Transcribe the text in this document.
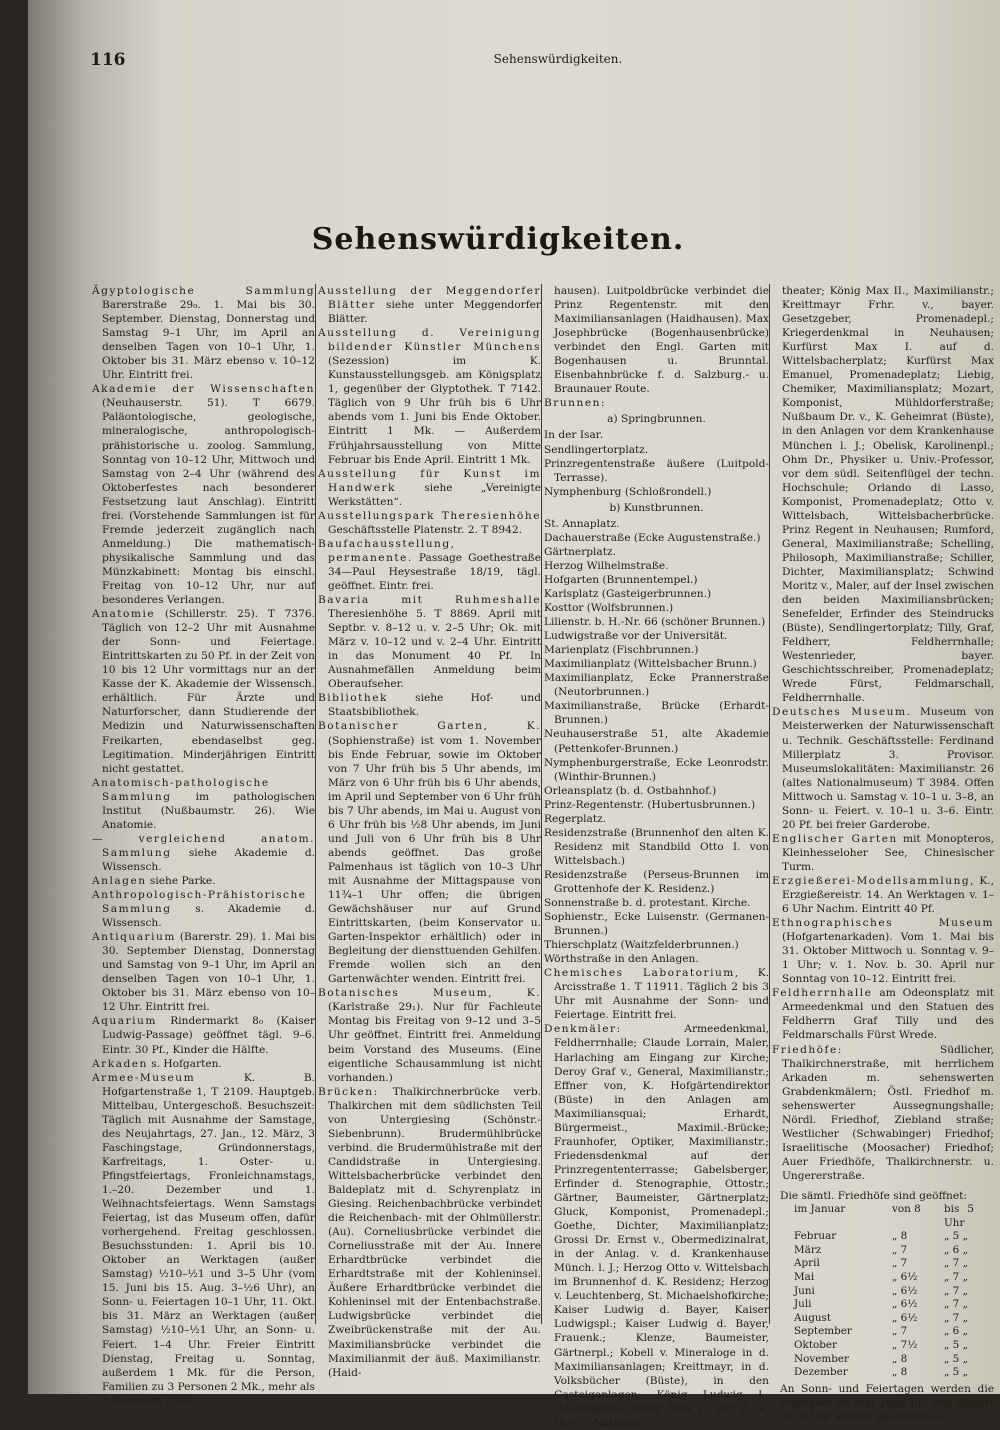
116	Sehenswürdigkeiten.
Sehenswürdigkeiten.
Ägyptologische Sammlung Barerstraße 29₀. 1. Mai bis 30. September. Dienstag, Donnerstag und Samstag 9–1 Uhr, im April an denselben Tagen von 10–1 Uhr, 1. Oktober bis 31. März ebenso v. 10–12 Uhr. Eintritt frei.
Akademie der Wissenschaften (Neuhauserstr. 51). T 6679. Paläontologische, geologische, mineralogische, anthropologisch-prähistorische u. zoolog. Sammlung, Sonntag von 10–12 Uhr, Mittwoch und Samstag von 2–4 Uhr (während des Oktoberfestes nach besonderer Festsetzung laut Anschlag). Eintritt frei. (Vorstehende Sammlungen ist für Fremde jederzeit zugänglich nach Anmeldung.) Die mathematisch-physikalische Sammlung und das Münzkabinett: Montag bis einschl. Freitag von 10–12 Uhr, nur auf besonderes Verlangen.
Anatomie (Schillerstr. 25). T 7376. Täglich von 12–2 Uhr mit Ausnahme der Sonn- und Feiertage. Eintrittskarten zu 50 Pf. in der Zeit von 10 bis 12 Uhr vormittags nur an der Kasse der K. Akademie der Wissensch. erhältlich. Für Ärzte und Naturforscher, dann Studierende der Medizin und Naturwissenschaften Freikarten, ebendaselbst geg. Legitimation. Minderjährigen Eintritt nicht gestattet.
Anatomisch-pathologische Sammlung im pathologischen Institut (Nußbaumstr. 26). Wie Anatomie.
— vergleichend anatom. Sammlung siehe Akademie d. Wissensch.
Anlagen siehe Parke.
Anthropologisch-Prähistorische Sammlung s. Akademie d. Wissensch.
Antiquarium (Barerstr. 29). 1. Mai bis 30. September Dienstag, Donnerstag und Samstag von 9–1 Uhr, im April an denselben Tagen von 10–1 Uhr, 1. Oktober bis 31. März ebenso von 10–12 Uhr. Eintritt frei.
Aquarium Rindermarkt 8₀ (Kaiser Ludwig-Passage) geöffnet tägl. 9–6. Eintr. 30 Pf., Kinder die Hälfte.
Arkaden s. Hofgarten.
Armee-Museum K. B. Hofgartenstraße 1, T 2109. Hauptgeb. Mittelbau, Untergeschoß. Besuchszeit: Täglich mit Ausnahme der Samstage, des Neujahrtags, 27. Jan., 12. März, 3 Faschingstage, Gründonnerstags, Karfreitags, 1. Oster- u. Pfingstfeiertags, Fronleichnamstags, 1.–20. Dezember und 1. Weihnachtsfeiertags. Wenn Samstags Feiertag, ist das Museum offen, dafür vorhergehend. Freitag geschlossen. Besuchsstunden: 1. April bis 10. Oktober an Werktagen (außer Samstag) ½10–½1 und 3–5 Uhr (vom 15. Juni bis 15. Aug. 3–½6 Uhr), an Sonn- u. Feiertagen 10–1 Uhr, 11. Okt. bis 31. März an Werktagen (außer Samstag) ½10–½1 Uhr, an Sonn- u. Feiert. 1–4 Uhr. Freier Eintritt Dienstag, Freitag u. Sonntag, außerdem 1 Mk. für die Person, Familien zu 3 Personen 2 Mk., mehr als 3 Personen 3 Mk.
Ausstellung der Meggendorfer Blätter siehe unter Meggendorfer Blätter.
Ausstellung d. Vereinigung bildender Künstler Münchens (Sezession) im K. Kunstausstellungsgeb. am Königsplatz 1, gegenüber der Glyptothek. T 7142. Täglich von 9 Uhr früh bis 6 Uhr abends vom 1. Juni bis Ende Oktober. Eintritt 1 Mk. — Außerdem Frühjahrsausstellung von Mitte Februar bis Ende April. Eintritt 1 Mk.
Ausstellung für Kunst im Handwerk siehe „Vereinigte Werkstätten“.
Ausstellungspark Theresienhöhe Geschäftsstelle Platenstr. 2. T 8942.
Baufachausstellung, permanente. Passage Goethestraße 34—Paul Heysestraße 18/19, tägl. geöffnet. Eintr. frei.
Bavaria mit Ruhmeshalle Theresienhöhe 5. T 8869. April mit Septbr. v. 8–12 u. v. 2–5 Uhr; Ok. mit März v. 10–12 und v. 2–4 Uhr. Eintritt in das Monument 40 Pf. In Ausnahmefällen Anmeldung beim Oberaufseher.
Bibliothek siehe Hof- und Staatsbibliothek.
Botanischer Garten, K. (Sophienstraße) ist vom 1. November bis Ende Februar, sowie im Oktober von 7 Uhr früh bis 5 Uhr abends, im März von 6 Uhr früh bis 6 Uhr abends, im April und September von 6 Uhr früh bis 7 Uhr abends, im Mai u. August von 6 Uhr früh bis ½8 Uhr abends, im Juni und Juli von 6 Uhr früh bis 8 Uhr abends geöffnet. Das große Palmenhaus ist täglich von 10–3 Uhr mit Ausnahme der Mittagspause von 11¾–1 Uhr offen; die übrigen Gewächshäuser nur auf Grund Eintrittskarten, (beim Konservator u. Garten-Inspektor erhältlich) oder in Begleitung der diensttuenden Gehilfen. Fremde wollen sich an den Gartenwächter wenden. Eintritt frei.
Botanisches Museum, K. (Karlstraße 29₁). Nur für Fachleute Montag bis Freitag von 9–12 und 3–5 Uhr geöffnet. Eintritt frei. Anmeldung beim Vorstand des Museums. (Eine eigentliche Schausammlung ist nicht vorhanden.)
Brücken: Thalkirchnerbrücke verb. Thalkirchen mit dem südlichsten Teil von Untergiesing (Schönstr.-Siebenbrunn). Brudermühlbrücke verbind. die Brudermühlstraße mit der Candidstraße in Untergiesing. Wittelsbacherbrücke verbindet den Baldeplatz mit d. Schyrenplatz in Giesing. Reichenbachbrücke verbindet die Reichenbach- mit der Ohlmüllerstr. (Au). Corneliusbrücke verbindet die Corneliusstraße mit der Au. Innere Erhardtbrücke verbindet die Erhardtstraße mit der Kohleninsel. Äußere Erhardtbrücke verbindet die Kohleninsel mit der Entenbachstraße. Ludwigsbrücke verbindet die Zweibrückenstraße mit der Au. Maximiliansbrücke verbindet die Maximilianmit der äuß. Maximilianstr. (Haid-
hausen). Luitpoldbrücke verbindet die Prinz Regentenstr. mit den Maximiliansanlagen (Haidhausen). Max Josephbrücke (Bogenhausenbrücke) verbindet den Engl. Garten mit Bogenhausen u. Brunntal. Eisenbahnbrücke f. d. Salzburg.- u. Braunauer Route.
Brunnen:
a) Springbrunnen.
In der Isar.
Sendlingertorplatz.
Prinzregentenstraße äußere (Luitpold-Terrasse).
Nymphenburg (Schloßrondell.)
b) Kunstbrunnen.
St. Annaplatz.
Dachauerstraße (Ecke Augustenstraße.)
Gärtnerplatz.
Herzog Wilhelmstraße.
Hofgarten (Brunnentempel.)
Karlsplatz (Gasteigerbrunnen.)
Kosttor (Wolfsbrunnen.)
Lilienstr. b. H.-Nr. 66 (schöner Brunnen.)
Ludwigstraße vor der Universität.
Marienplatz (Fischbrunnen.)
Maximilianplatz (Wittelsbacher Brunn.)
Maximilianplatz, Ecke Prannerstraße (Neutorbrunnen.)
Maximilianstraße, Brücke (Erhardt-Brunnen.)
Neuhauserstraße 51, alte Akademie (Pettenkofer-Brunnen.)
Nymphenburgerstraße, Ecke Leonrodstr. (Winthir-Brunnen.)
Orleansplatz (b. d. Ostbahnhof.)
Prinz-Regentenstr. (Hubertusbrunnen.)
Regerplatz.
Residenzstraße (Brunnenhof den alten K. Residenz mit Standbild Otto I. von Wittelsbach.)
Residenzstraße (Perseus-Brunnen im Grottenhofe der K. Residenz.)
Sonnenstraße b. d. protestant. Kirche.
Sophienstr., Ecke Luisenstr. (Germanen-Brunnen.)
Thierschplatz (Waitzfelderbrunnen.)
Wörthstraße in den Anlagen.
Chemisches Laboratorium, K. Arcisstraße 1. T 11911. Täglich 2 bis 3 Uhr mit Ausnahme der Sonn- und Feiertage. Eintritt frei.
Denkmäler: Armeedenkmal, Feldherrnhalle; Claude Lorrain, Maler, Harlaching am Eingang zur Kirche; Deroy Graf v., General, Maximilianstr.; Effner von, K. Hofgärtendirektor (Büste) in den Anlagen am Maximiliansquai; Erhardt, Bürgermeist., Maximil.-Brücke; Fraunhofer, Optiker, Maximilianstr.; Friedensdenkmal auf der Prinzregententerrasse; Gabelsberger, Erfinder d. Stenographie, Ottostr.; Gärtner, Baumeister, Gärtnerplatz; Gluck, Komponist, Promenadepl.; Goethe, Dichter, Maximilianplatz; Grossi Dr. Ernst v., Obermedizinalrat, in der Anlag. v. d. Krankenhause Münch. l. J.; Herzog Otto v. Wittelsbach im Brunnenhof d. K. Residenz; Herzog v. Leuchtenberg, St. Michaelshofkirche; Kaiser Ludwig d. Bayer, Kaiser Ludwigspl.; Kaiser Ludwig d. Bayer, Frauenk.; Klenze, Baumeister, Gärtnerpl.; Kobell v. Mineraloge in d. Maximiliansanlagen; Kreittmayr, in d. Volksbücher (Büste), in den Gasteiganlagen; König Ludwig I., Odeonsplatz; König Max I., vor d. K. Hof- u. National-
theater; König Max II., Maximilianstr.; Kreittmayr Frhr. v., bayer. Gesetzgeber, Promenadepl.; Kriegerdenkmal in Neuhausen; Kurfürst Max I. auf d. Wittelsbacherplatz; Kurfürst Max Emanuel, Promenadeplatz; Liebig, Chemiker, Maximiliansplatz; Mozart, Komponist, Mühldorferstraße; Nußbaum Dr. v., K. Geheimrat (Büste), in den Anlagen vor dem Krankenhause München l. J.; Obelisk, Karolinenpl.; Ohm Dr., Physiker u. Univ.-Professor, vor dem südl. Seitenflügel der techn. Hochschule; Orlando di Lasso, Komponist, Promenadeplatz; Otto v. Wittelsbach, Wittelsbacherbrücke. Prinz Regent in Neuhausen; Rumford, General, Maximilianstraße; Schelling, Philosoph, Maximilianstraße; Schiller, Dichter, Maximiliansplatz; Schwind Moritz v., Maler, auf der Insel zwischen den beiden Maximiliansbrücken; Senefelder, Erfinder des Steindrucks (Büste), Sendlingertorplatz; Tilly, Graf, Feldherr, Feldherrnhalle; Westenrieder, bayer. Geschichtsschreiber, Promenadeplatz; Wrede Fürst, Feldmarschall, Feldherrnhalle.
Deutsches Museum. Museum von Meisterwerken der Naturwissenschaft u. Technik. Geschäftsstelle: Ferdinand Millerplatz 3. Provisor. Museumslokalitäten: Maximilianstr. 26 (altes Nationalmuseum) T 3984. Offen Mittwoch u. Samstag v. 10–1 u. 3–8, an Sonn- u. Feiert. v. 10–1 u. 3–6. Eintr. 20 Pf. bei freier Garderobe.
Englischer Garten mit Monopteros, Kleinhesseloher See, Chinesischer Turm.
Erzgießerei-Modellsammlung, K., Erzgießereistr. 14. An Werktagen v. 1–6 Uhr Nachm. Eintritt 40 Pf.
Ethnographisches Museum (Hofgartenarkaden). Vom 1. Mai bis 31. Oktober Mittwoch u. Sonntag v. 9–1 Uhr; v. 1. Nov. b. 30. April nur Sonntag von 10–12. Eintritt frei.
Feldherrnhalle am Odeonsplatz mit Armeedenkmal und den Statuen des Feldherrn Graf Tilly und des Feldmarschalls Fürst Wrede.
Friedhöfe: Südlicher, Thalkirchnerstraße, mit herrlichem Arkaden m. sehenswerten Grabdenkmälern; Östl. Friedhof m. sehenswerter Aussegnungshalle; Nördl. Friedhof, Ziebland straße; Westlicher (Schwabinger) Friedhof; Israelitische (Moosacher) Friedhof; Auer Friedhöfe, Thalkirchnerstr. u. Ungererstraße.
Die sämtl. Friedhöfe sind geöffnet:
im Januar	von 8	bis 5 Uhr
Februar	„ 8	„ 5 „
März	„ 7	„ 6 „
April	„ 7	„ 7 „
Mai	„ 6½	„ 7 „
Juni	„ 6½	„ 7 „
Juli	„ 6½	„ 7 „
August	„ 6½	„ 7 „
September	„ 7	„ 6 „
Oktober	„ 7½	„ 5 „
November	„ 8	„ 5 „
Dezember	„ 8	„ 5 „
An Sonn- und Feiertagen werden die Friedhöfe im Mai, Juni, Juli und August um 6 Uhr abends geschlossen.
